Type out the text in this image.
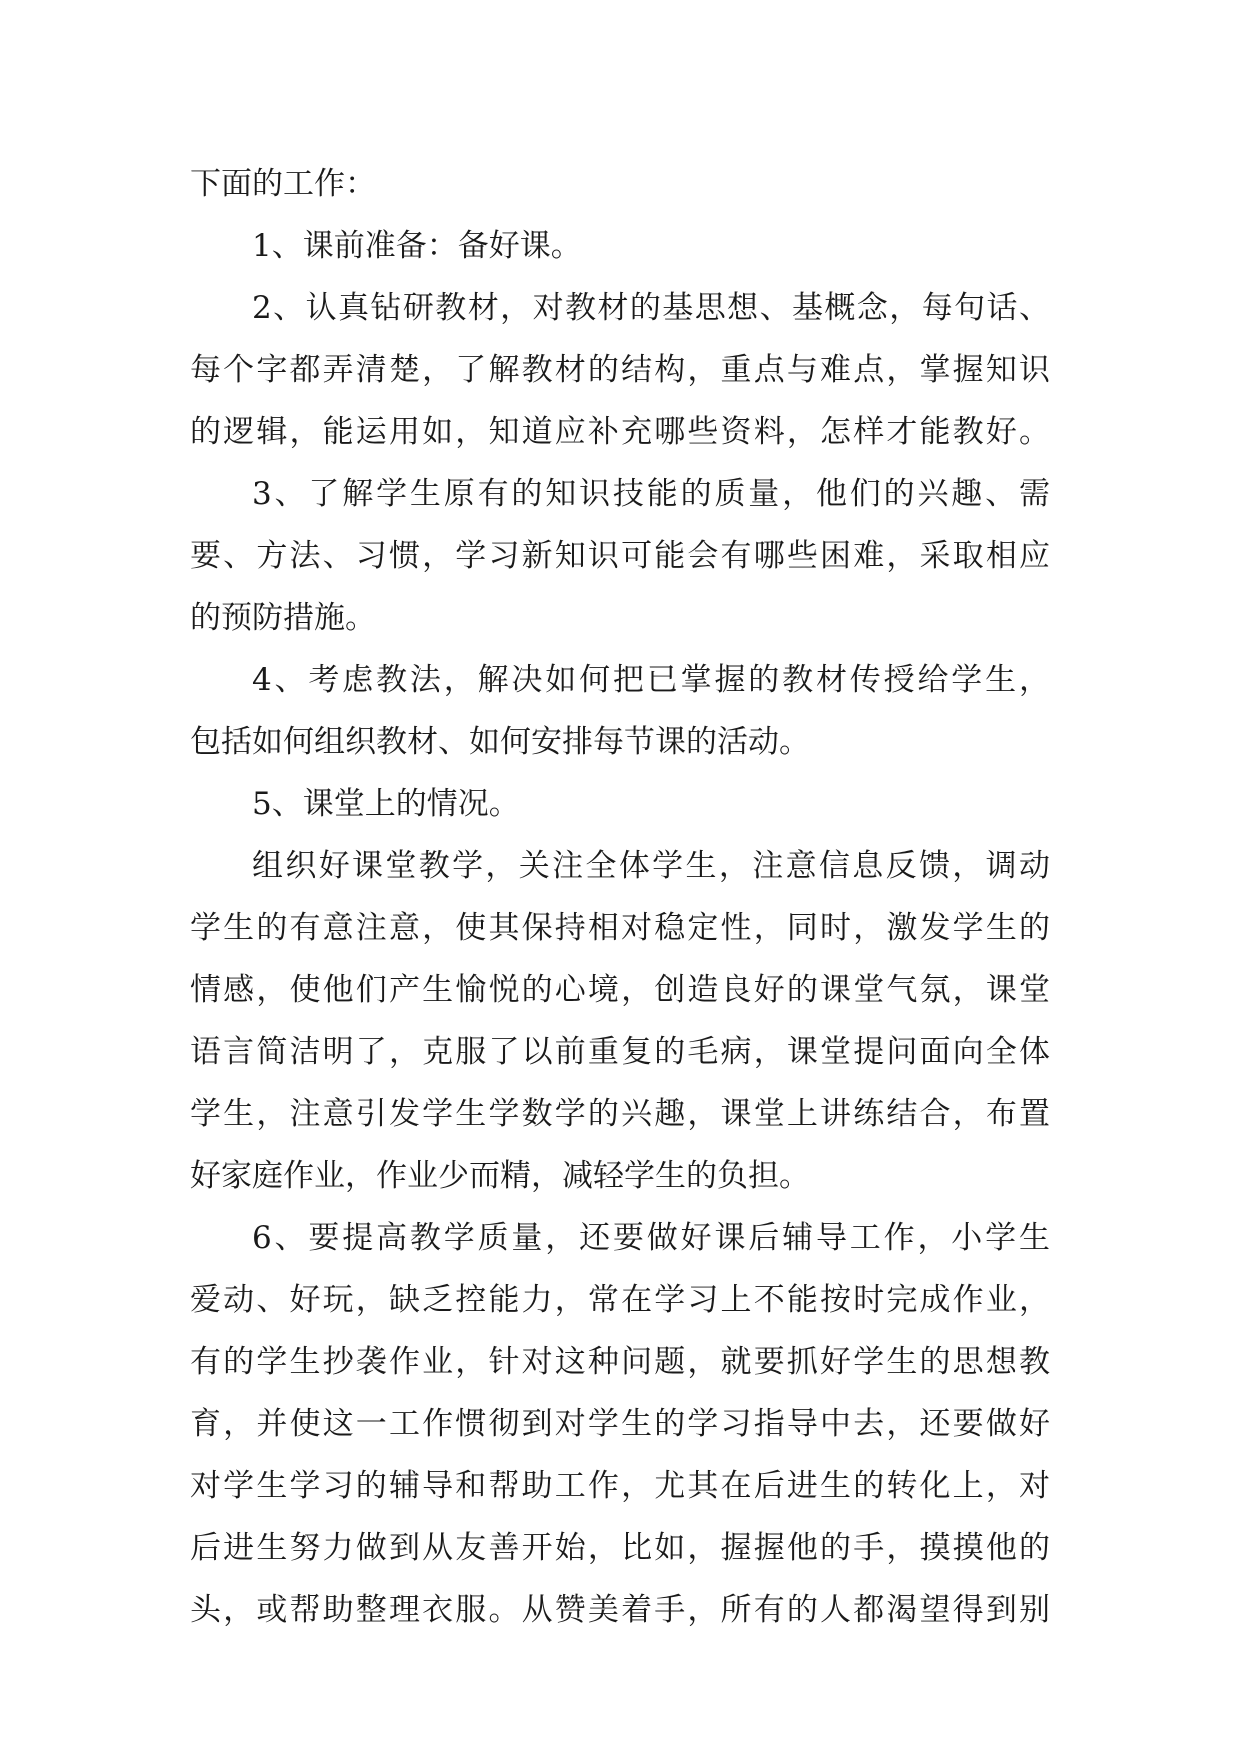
下面的工作：
1、课前准备：备好课。
2、认真钻研教材，对教材的基思想、基概念，每句话、
每个字都弄清楚，了解教材的结构，重点与难点，掌握知识
的逻辑，能运用如，知道应补充哪些资料，怎样才能教好。
3、了解学生原有的知识技能的质量，他们的兴趣、需
要、方法、习惯，学习新知识可能会有哪些困难，采取相应
的预防措施。
4、考虑教法，解决如何把已掌握的教材传授给学生，
包括如何组织教材、如何安排每节课的活动。
5、课堂上的情况。
组织好课堂教学，关注全体学生，注意信息反馈，调动
学生的有意注意，使其保持相对稳定性，同时，激发学生的
情感，使他们产生愉悦的心境，创造良好的课堂气氛，课堂
语言简洁明了，克服了以前重复的毛病，课堂提问面向全体
学生，注意引发学生学数学的兴趣，课堂上讲练结合，布置
好家庭作业，作业少而精，减轻学生的负担。
6、要提高教学质量，还要做好课后辅导工作，小学生
爱动、好玩，缺乏控能力，常在学习上不能按时完成作业，
有的学生抄袭作业，针对这种问题，就要抓好学生的思想教
育，并使这一工作惯彻到对学生的学习指导中去，还要做好
对学生学习的辅导和帮助工作，尤其在后进生的转化上，对
后进生努力做到从友善开始，比如，握握他的手，摸摸他的
头，或帮助整理衣服。从赞美着手，所有的人都渴望得到别
